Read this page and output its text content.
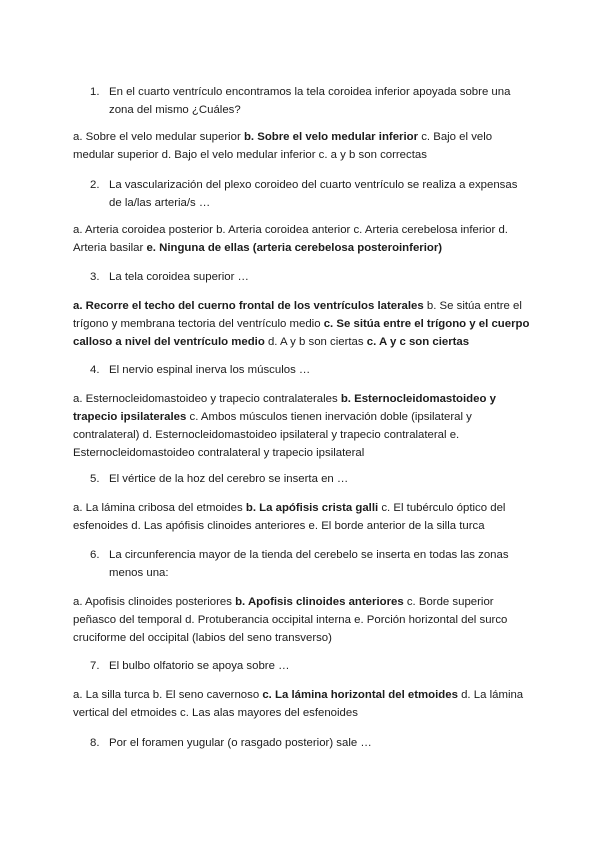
1. En el cuarto ventrículo encontramos la tela coroidea inferior apoyada sobre una zona del mismo ¿Cuáles?
a. Sobre el velo medular superior b. Sobre el velo medular inferior c. Bajo el velo medular superior d. Bajo el velo medular inferior c. a y b son correctas
2. La vascularización del plexo coroideo del cuarto ventrículo se realiza a expensas de la/las arteria/s …
a. Arteria coroidea posterior b. Arteria coroidea anterior c. Arteria cerebelosa inferior d. Arteria basilar e. Ninguna de ellas (arteria cerebelosa posteroinferior)
3. La tela coroidea superior …
a. Recorre el techo del cuerno frontal de los ventrículos laterales b. Se sitúa entre el trígono y membrana tectoria del ventrículo medio c. Se sitúa entre el trígono y el cuerpo calloso a nivel del ventrículo medio d. A y b son ciertas c. A y c son ciertas
4. El nervio espinal inerva los músculos …
a. Esternocleidomastoideo y trapecio contralaterales b. Esternocleidomastoideo y trapecio ipsilaterales c. Ambos músculos tienen inervación doble (ipsilateral y contralateral) d. Esternocleidomastoideo ipsilateral y trapecio contralateral e. Esternocleidomastoideo contralateral y trapecio ipsilateral
5. El vértice de la hoz del cerebro se inserta en …
a. La lámina cribosa del etmoides b. La apófisis crista galli c. El tubérculo óptico del esfenoides d. Las apófisis clinoides anteriores e. El borde anterior de la silla turca
6. La circunferencia mayor de la tienda del cerebelo se inserta en todas las zonas menos una:
a. Apofisis clinoides posteriores b. Apofisis clinoides anteriores c. Borde superior peñasco del temporal d. Protuberancia occipital interna e. Porción horizontal del surco cruciforme del occipital (labios del seno transverso)
7. El bulbo olfatorio se apoya sobre …
a. La silla turca b. El seno cavernoso c. La lámina horizontal del etmoides d. La lámina vertical del etmoides c. Las alas mayores del esfenoides
8. Por el foramen yugular (o rasgado posterior) sale …
